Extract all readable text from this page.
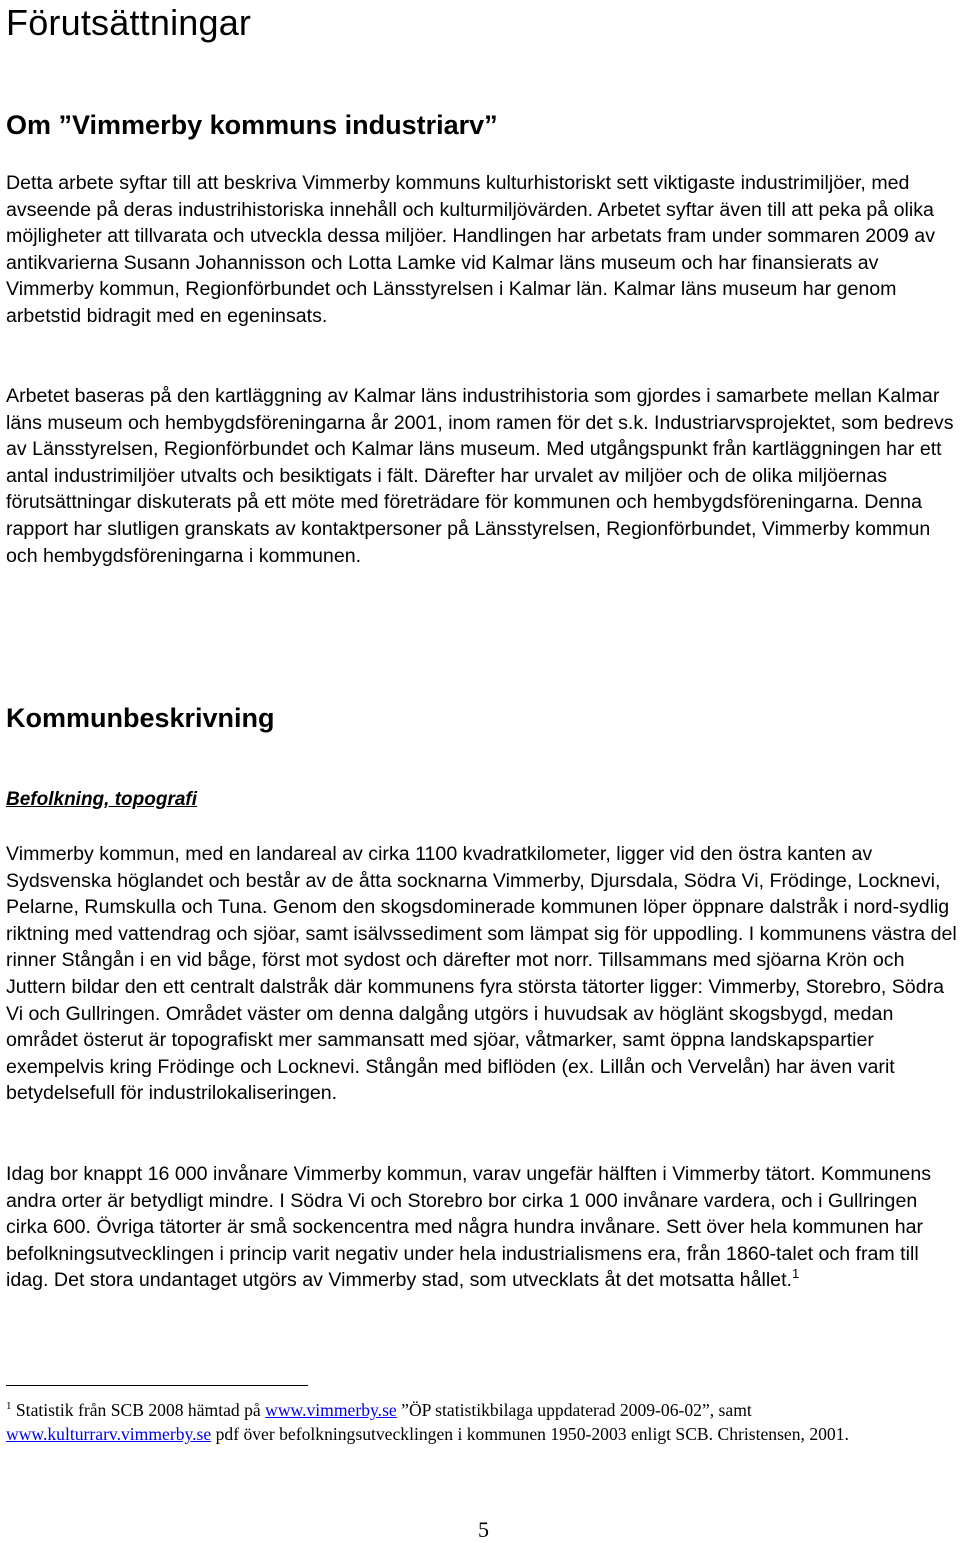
Förutsättningar
Om ”Vimmerby kommuns industriarv”

Detta arbete syftar till att beskriva Vimmerby kommuns kulturhistoriskt sett viktigaste industrimiljöer, med avseende på deras industrihistoriska innehåll och kulturmiljövärden. Arbetet syftar även till att peka på olika möjligheter att tillvarata och utveckla dessa miljöer. Handlingen har arbetats fram under sommaren 2009 av antikvarierna Susann Johannisson och Lotta Lamke vid Kalmar läns museum och har finansierats av Vimmerby kommun, Regionförbundet och Länsstyrelsen i Kalmar län. Kalmar läns museum har genom arbetstid bidragit med en egeninsats.

Arbetet baseras på den kartläggning av Kalmar läns industrihistoria som gjordes i samarbete mellan Kalmar läns museum och hembygdsföreningarna år 2001, inom ramen för det s.k. Industriarvsprojektet, som bedrevs av Länsstyrelsen, Regionförbundet och Kalmar läns museum. Med utgångspunkt från kartläggningen har ett antal industrimiljöer utvalts och besiktigats i fält. Därefter har urvalet av miljöer och de olika miljöernas förutsättningar diskuterats på ett möte med företrädare för kommunen och hembygdsföreningarna. Denna rapport har slutligen granskats av kontaktpersoner på Länsstyrelsen, Regionförbundet, Vimmerby kommun och hembygdsföreningarna i kommunen.

Kommunbeskrivning
Befolkning, topografi

Vimmerby kommun, med en landareal av cirka 1100 kvadratkilometer, ligger vid den östra kanten av Sydsvenska höglandet och består av de åtta socknarna Vimmerby, Djursdala, Södra Vi, Frödinge, Locknevi, Pelarne, Rumskulla och Tuna. Genom den skogsdominerade kommunen löper öppnare dalstråk i nord-sydlig riktning med vattendrag och sjöar, samt isälvssediment som lämpat sig för uppodling. I kommunens västra del rinner Stångån i en vid båge, först mot sydost och därefter mot norr. Tillsammans med sjöarna Krön och Juttern bildar den ett centralt dalstråk där kommunens fyra största tätorter ligger: Vimmerby, Storebro, Södra Vi och Gullringen. Området väster om denna dalgång utgörs i huvudsak av höglänt skogsbygd, medan området österut är topografiskt mer sammansatt med sjöar, våtmarker, samt öppna landskapspartier exempelvis kring Frödinge och Locknevi. Stångån med biflöden (ex. Lillån och Vervelån) har även varit betydelsefull för industrilokaliseringen.

Idag bor knappt 16 000 invånare Vimmerby kommun, varav ungefär hälften i Vimmerby tätort. Kommunens andra orter är betydligt mindre. I Södra Vi och Storebro bor cirka 1 000 invånare vardera, och i Gullringen cirka 600. Övriga tätorter är små sockencentra med några hundra invånare. Sett över hela kommunen har befolkningsutvecklingen i princip varit negativ under hela industrialismens era, från 1860-talet och fram till idag. Det stora undantaget utgörs av Vimmerby stad, som utvecklats åt det motsatta hållet.$^1$

$^1$ Statistik från SCB 2008 hämtad på www.vimmerby.se ”ÖP statistikbilaga uppdaterad 2009-06-02”, samt www.kulturrarv.vimmerby.se pdf över befolkningsutvecklingen i kommunen 1950-2003 enligt SCB. Christensen, 2001.
5
